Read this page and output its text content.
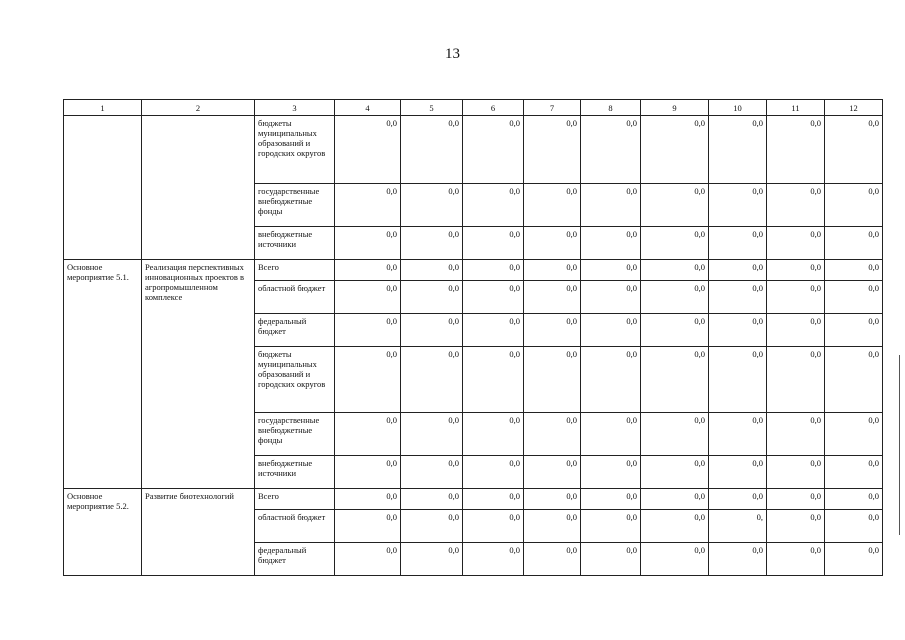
13
1	2	3	4	5	6	7	8	9	10	11	12
		бюджеты муниципальных образований и городских округов	0,0	0,0	0,0	0,0	0,0	0,0	0,0	0,0	0,0
		государственные внебюджетные фонды	0,0	0,0	0,0	0,0	0,0	0,0	0,0	0,0	0,0
		внебюджетные источники	0,0	0,0	0,0	0,0	0,0	0,0	0,0	0,0	0,0
Основное мероприятие 5.1.	Реализация перспективных инновационных проектов в агропромышленном комплексе	Всего	0,0	0,0	0,0	0,0	0,0	0,0	0,0	0,0	0,0
		областной бюджет	0,0	0,0	0,0	0,0	0,0	0,0	0,0	0,0	0,0
		федеральный бюджет	0,0	0,0	0,0	0,0	0,0	0,0	0,0	0,0	0,0
		бюджеты муниципальных образований и городских округов	0,0	0,0	0,0	0,0	0,0	0,0	0,0	0,0	0,0
		государственные внебюджетные фонды	0,0	0,0	0,0	0,0	0,0	0,0	0,0	0,0	0,0
		внебюджетные источники	0,0	0,0	0,0	0,0	0,0	0,0	0,0	0,0	0,0
Основное мероприятие 5.2.	Развитие биотехнологий	Всего	0,0	0,0	0,0	0,0	0,0	0,0	0,0	0,0	0,0
		областной бюджет	0,0	0,0	0,0	0,0	0,0	0,0	0,	0,0	0,0
		федеральный бюджет	0,0	0,0	0,0	0,0	0,0	0,0	0,0	0,0	0,0
